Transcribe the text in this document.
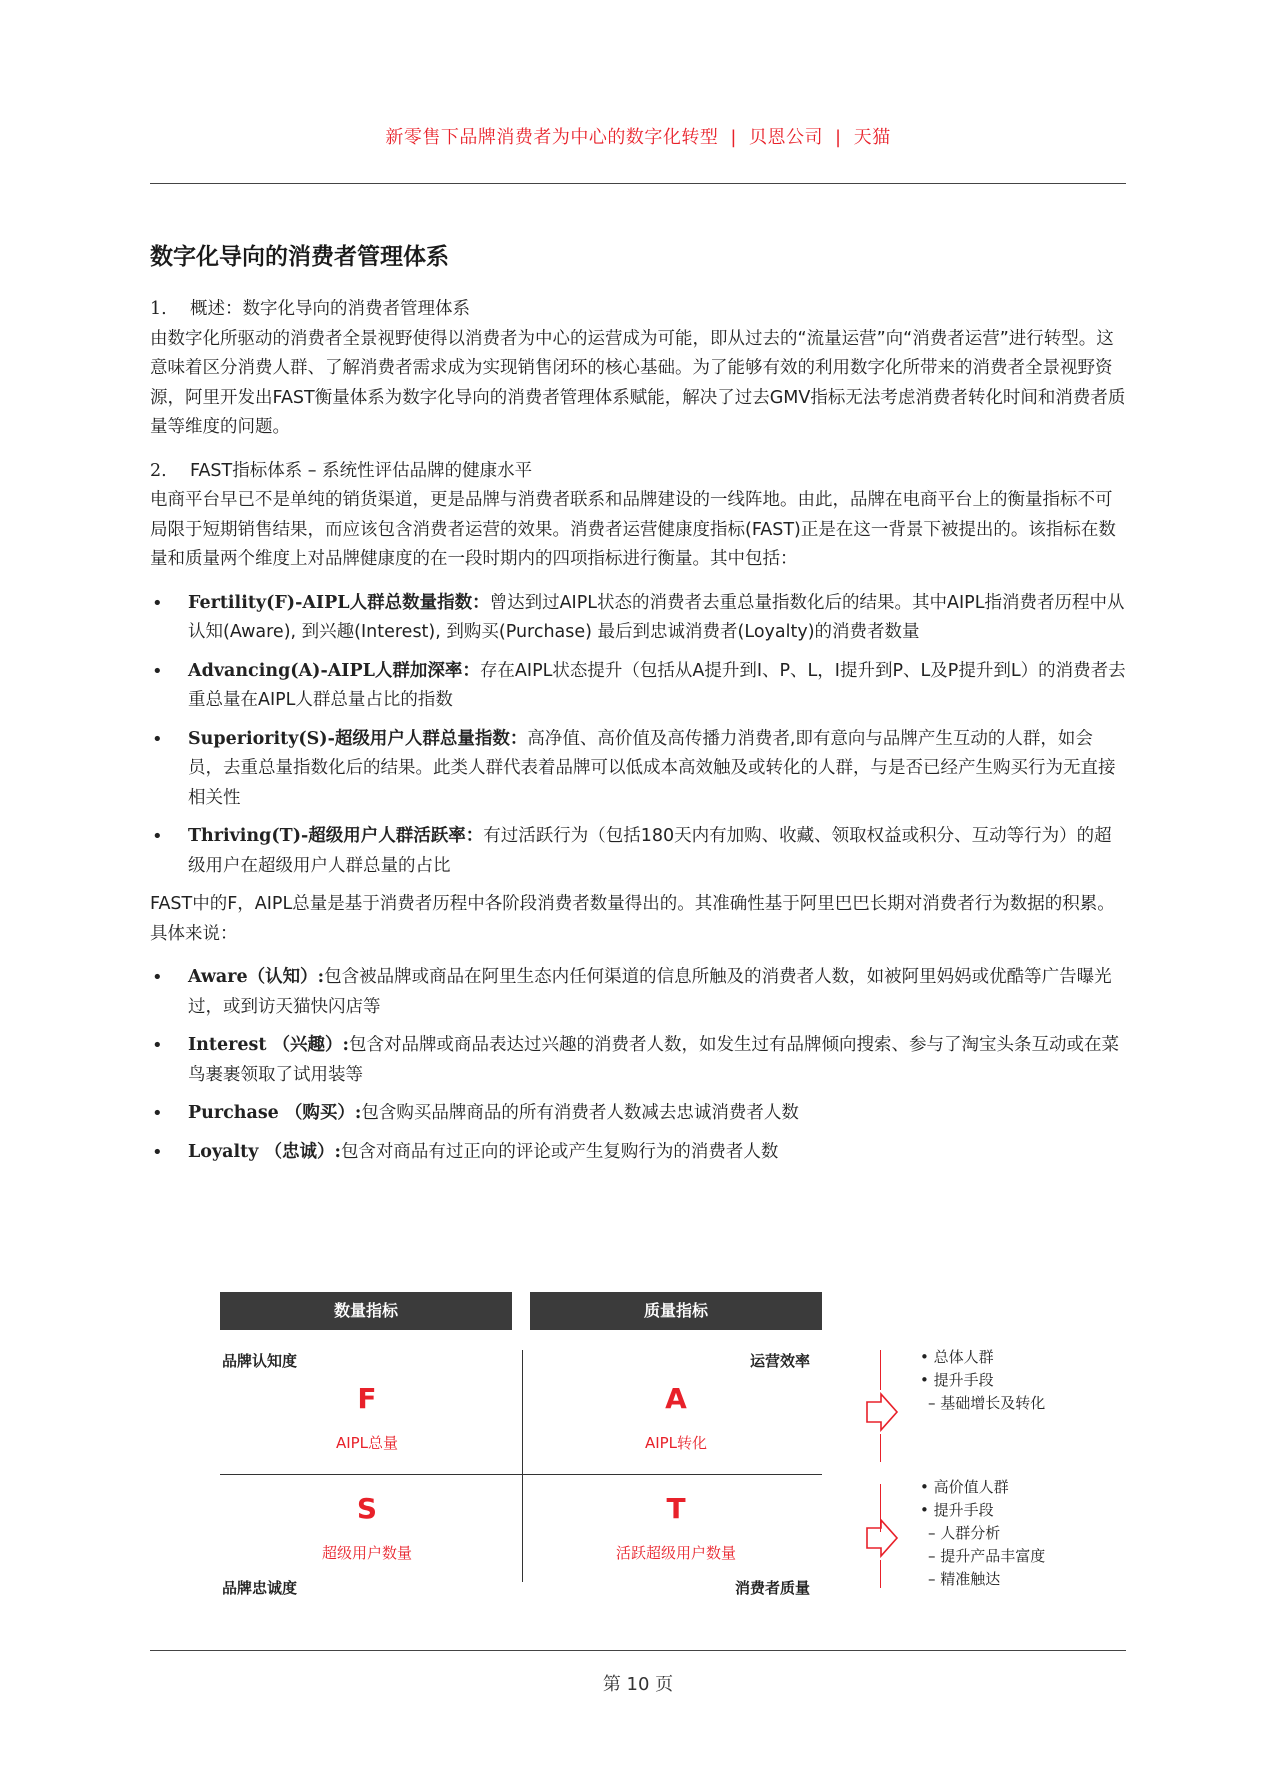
新零售下品牌消费者为中心的数字化转型 | 贝恩公司 | 天猫
数字化导向的消费者管理体系

1. 概述：数字化导向的消费者管理体系

由数字化所驱动的消费者全景视野使得以消费者为中心的运营成为可能，即从过去的“流量运营”向“消费者运营”进行转型。这意味着区分消费人群、了解消费者需求成为实现销售闭环的核心基础。为了能够有效的利用数字化所带来的消费者全景视野资源，阿里开发出FAST衡量体系为数字化导向的消费者管理体系赋能，解决了过去GMV指标无法考虑消费者转化时间和消费者质量等维度的问题。

2. FAST指标体系 – 系统性评估品牌的健康水平

电商平台早已不是单纯的销货渠道，更是品牌与消费者联系和品牌建设的一线阵地。由此，品牌在电商平台上的衡量指标不可局限于短期销售结果，而应该包含消费者运营的效果。消费者运营健康度指标(FAST)正是在这一背景下被提出的。该指标在数量和质量两个维度上对品牌健康度的在一段时期内的四项指标进行衡量。其中包括：

• Fertility(F)-AIPL人群总数量指数：曾达到过AIPL状态的消费者去重总量指数化后的结果。其中AIPL指消费者历程中从认知(Aware), 到兴趣(Interest), 到购买(Purchase) 最后到忠诚消费者(Loyalty)的消费者数量
• Advancing(A)-AIPL人群加深率：存在AIPL状态提升（包括从A提升到I、P、L，I提升到P、L及P提升到L）的消费者去重总量在AIPL人群总量占比的指数
• Superiority(S)-超级用户人群总量指数：高净值、高价值及高传播力消费者,即有意向与品牌产生互动的人群，如会员，去重总量指数化后的结果。此类人群代表着品牌可以低成本高效触及或转化的人群，与是否已经产生购买行为无直接相关性
• Thriving(T)-超级用户人群活跃率：有过活跃行为（包括180天内有加购、收藏、领取权益或积分、互动等行为）的超级用户在超级用户人群总量的占比

FAST中的F，AIPL总量是基于消费者历程中各阶段消费者数量得出的。其准确性基于阿里巴巴长期对消费者行为数据的积累。具体来说：

• Aware（认知）:包含被品牌或商品在阿里生态内任何渠道的信息所触及的消费者人数，如被阿里妈妈或优酷等广告曝光过，或到访天猫快闪店等
• Interest （兴趣）:包含对品牌或商品表达过兴趣的消费者人数，如发生过有品牌倾向搜索、参与了淘宝头条互动或在菜鸟裹裹领取了试用装等
• Purchase （购买）:包含购买品牌商品的所有消费者人数减去忠诚消费者人数
• Loyalty （忠诚）:包含对商品有过正向的评论或产生复购行为的消费者人数
数量指标	质量指标
品牌认知度	运营效率
F
AIPL总量
A
AIPL转化
S
超级用户数量
T
活跃超级用户数量
品牌忠诚度	消费者质量
• 总体人群
• 提升手段
– 基础增长及转化
• 高价值人群
• 提升手段
– 人群分析
– 提升产品丰富度
– 精准触达
第 10 页
